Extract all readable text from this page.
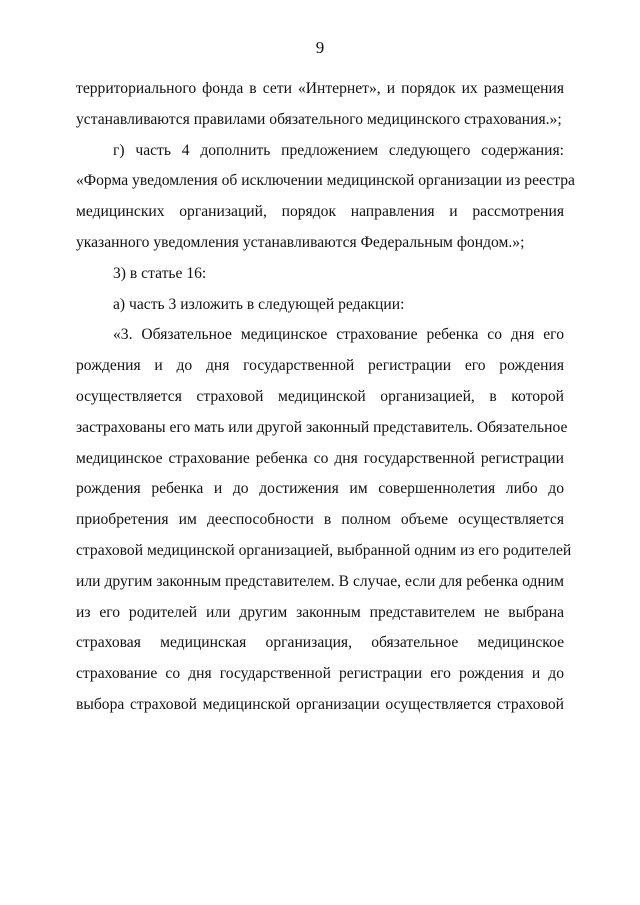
9
территориального фонда в сети «Интернет», и порядок их размещения
устанавливаются правилами обязательного медицинского страхования.»;
г) часть 4 дополнить предложением следующего содержания:
«Форма уведомления об исключении медицинской организации из реестра
медицинских организаций, порядок направления и рассмотрения
указанного уведомления устанавливаются Федеральным фондом.»;
3) в статье 16:
а) часть 3 изложить в следующей редакции:
«3. Обязательное медицинское страхование ребенка со дня его
рождения и до дня государственной регистрации его рождения
осуществляется страховой медицинской организацией, в которой
застрахованы его мать или другой законный представитель. Обязательное
медицинское страхование ребенка со дня государственной регистрации
рождения ребенка и до достижения им совершеннолетия либо до
приобретения им дееспособности в полном объеме осуществляется
страховой медицинской организацией, выбранной одним из его родителей
или другим законным представителем. В случае, если для ребенка одним
из его родителей или другим законным представителем не выбрана
страховая медицинская организация, обязательное медицинское
страхование со дня государственной регистрации его рождения и до
выбора страховой медицинской организации осуществляется страховой
